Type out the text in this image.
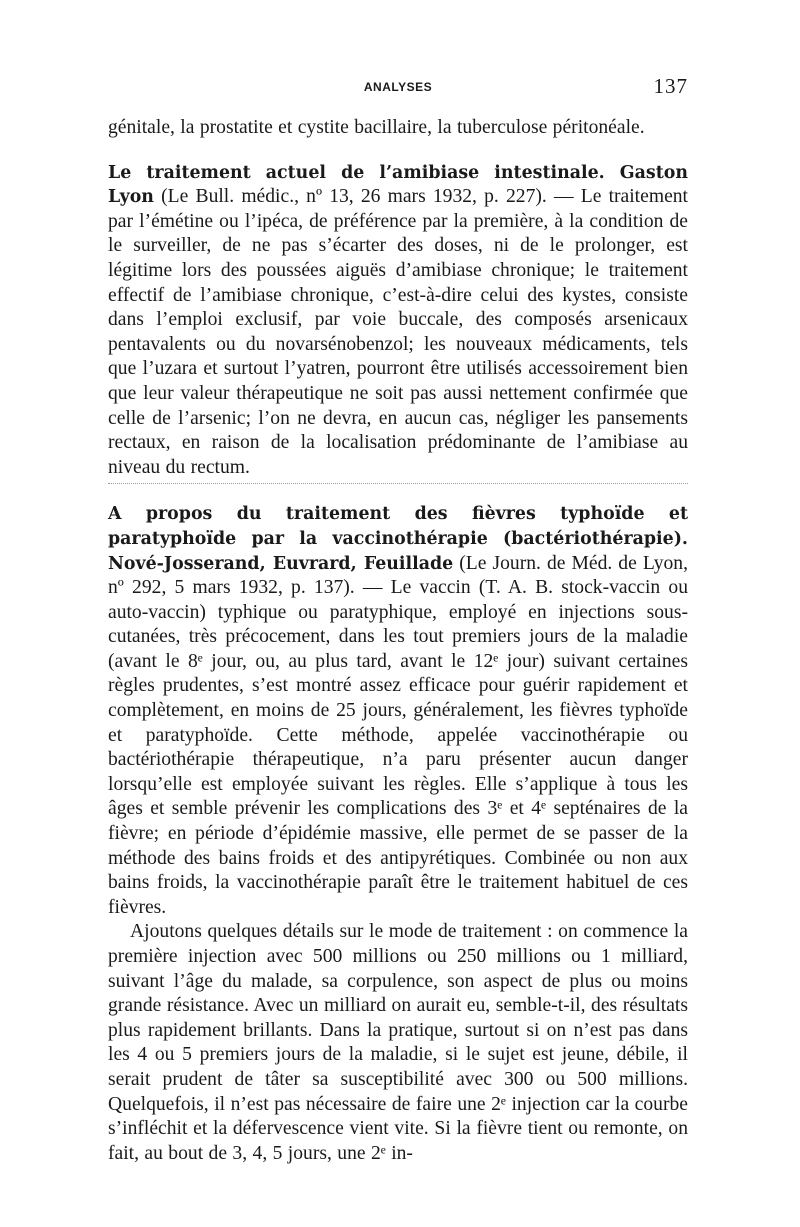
ANALYSES	137

génitale, la prostatite et cystite bacillaire, la tuberculose péritonéale.

Le traitement actuel de l’amibiase intestinale. Gaston Lyon (Le Bull. médic., nº 13, 26 mars 1932, p. 227). — Le traitement par l’émétine ou l’ipéca, de préférence par la première, à la condition de le surveiller, de ne pas s’écarter des doses, ni de le prolonger, est légitime lors des poussées aiguës d’amibiase chronique; le traitement effectif de l’amibiase chronique, c’est-à-dire celui des kystes, consiste dans l’emploi exclusif, par voie buccale, des composés arsenicaux pentavalents ou du novarsénobenzol; les nouveaux médicaments, tels que l’uzara et surtout l’yatren, pourront être utilisés accessoirement bien que leur valeur thérapeutique ne soit pas aussi nettement confirmée que celle de l’arsenic; l’on ne devra, en aucun cas, négliger les pansements rectaux, en raison de la localisation prédominante de l’amibiase au niveau du rectum.

A propos du traitement des fièvres typhoïde et paratyphoïde par la vaccinothérapie (bactériothérapie). Nové-Josserand, Euvrard, Feuillade (Le Journ. de Méd. de Lyon, nº 292, 5 mars 1932, p. 137). — Le vaccin (T. A. B. stock-vaccin ou auto-vaccin) typhique ou paratyphique, employé en injections sous-cutanées, très précocement, dans les tout premiers jours de la maladie (avant le 8ᵉ jour, ou, au plus tard, avant le 12ᵉ jour) suivant certaines règles prudentes, s’est montré assez efficace pour guérir rapidement et complètement, en moins de 25 jours, généralement, les fièvres typhoïde et paratyphoïde. Cette méthode, appelée vaccinothérapie ou bactériothérapie thérapeutique, n’a paru présenter aucun danger lorsqu’elle est employée suivant les règles. Elle s’applique à tous les âges et semble prévenir les complications des 3ᵉ et 4ᵉ septénaires de la fièvre; en période d’épidémie massive, elle permet de se passer de la méthode des bains froids et des antipyrétiques. Combinée ou non aux bains froids, la vaccinothérapie paraît être le traitement habituel de ces fièvres.

Ajoutons quelques détails sur le mode de traitement : on commence la première injection avec 500 millions ou 250 millions ou 1 milliard, suivant l’âge du malade, sa corpulence, son aspect de plus ou moins grande résistance. Avec un milliard on aurait eu, semble-t-il, des résultats plus rapidement brillants. Dans la pratique, surtout si on n’est pas dans les 4 ou 5 premiers jours de la maladie, si le sujet est jeune, débile, il serait prudent de tâter sa susceptibilité avec 300 ou 500 millions. Quelquefois, il n’est pas nécessaire de faire une 2ᵉ injection car la courbe s’infléchit et la défervescence vient vite. Si la fièvre tient ou remonte, on fait, au bout de 3, 4, 5 jours, une 2ᵉ in-
